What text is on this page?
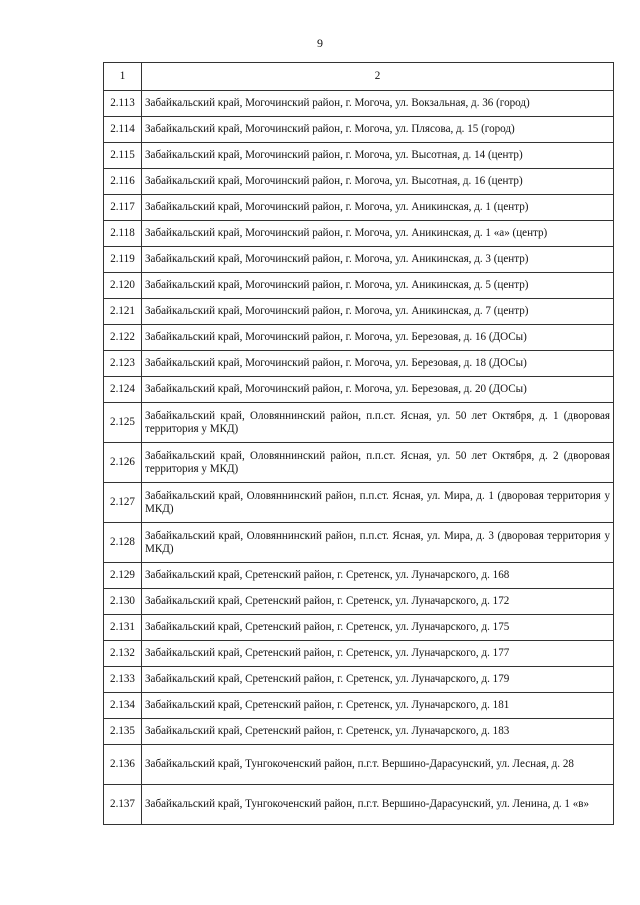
9
1	2
2.113	Забайкальский край, Могочинский район, г. Могоча, ул. Вокзальная, д. 36 (город)
2.114	Забайкальский край, Могочинский район, г. Могоча, ул. Плясова, д. 15 (город)
2.115	Забайкальский край, Могочинский район, г. Могоча, ул. Высотная, д. 14 (центр)
2.116	Забайкальский край, Могочинский район, г. Могоча, ул. Высотная, д. 16 (центр)
2.117	Забайкальский край, Могочинский район, г. Могоча, ул. Аникинская, д. 1 (центр)
2.118	Забайкальский край, Могочинский район, г. Могоча, ул. Аникинская, д. 1 «а» (центр)
2.119	Забайкальский край, Могочинский район, г. Могоча, ул. Аникинская, д. 3 (центр)
2.120	Забайкальский край, Могочинский район, г. Могоча, ул. Аникинская, д. 5 (центр)
2.121	Забайкальский край, Могочинский район, г. Могоча, ул. Аникинская, д. 7 (центр)
2.122	Забайкальский край, Могочинский район, г. Могоча, ул. Березовая, д. 16 (ДОСы)
2.123	Забайкальский край, Могочинский район, г. Могоча, ул. Березовая, д. 18 (ДОСы)
2.124	Забайкальский край, Могочинский район, г. Могоча, ул. Березовая, д. 20 (ДОСы)
2.125	Забайкальский край, Оловяннинский район, п.п.ст. Ясная, ул. 50 лет Октября, д. 1 (дворовая территория у МКД)
2.126	Забайкальский край, Оловяннинский район, п.п.ст. Ясная, ул. 50 лет Октября, д. 2 (дворовая территория у МКД)
2.127	Забайкальский край, Оловяннинский район, п.п.ст. Ясная, ул. Мира, д. 1 (дворовая территория у МКД)
2.128	Забайкальский край, Оловяннинский район, п.п.ст. Ясная, ул. Мира, д. 3 (дворовая территория у МКД)
2.129	Забайкальский край, Сретенский район, г. Сретенск, ул. Луначарского, д. 168
2.130	Забайкальский край, Сретенский район, г. Сретенск, ул. Луначарского, д. 172
2.131	Забайкальский край, Сретенский район, г. Сретенск, ул. Луначарского, д. 175
2.132	Забайкальский край, Сретенский район, г. Сретенск, ул. Луначарского, д. 177
2.133	Забайкальский край, Сретенский район, г. Сретенск, ул. Луначарского, д. 179
2.134	Забайкальский край, Сретенский район, г. Сретенск, ул. Луначарского, д. 181
2.135	Забайкальский край, Сретенский район, г. Сретенск, ул. Луначарского, д. 183
2.136	Забайкальский край, Тунгокоченский район, п.г.т. Вершино-Дарасунский, ул. Лесная, д. 28
2.137	Забайкальский край, Тунгокоченский район, п.г.т. Вершино-Дарасунский, ул. Ленина, д. 1 «в»
